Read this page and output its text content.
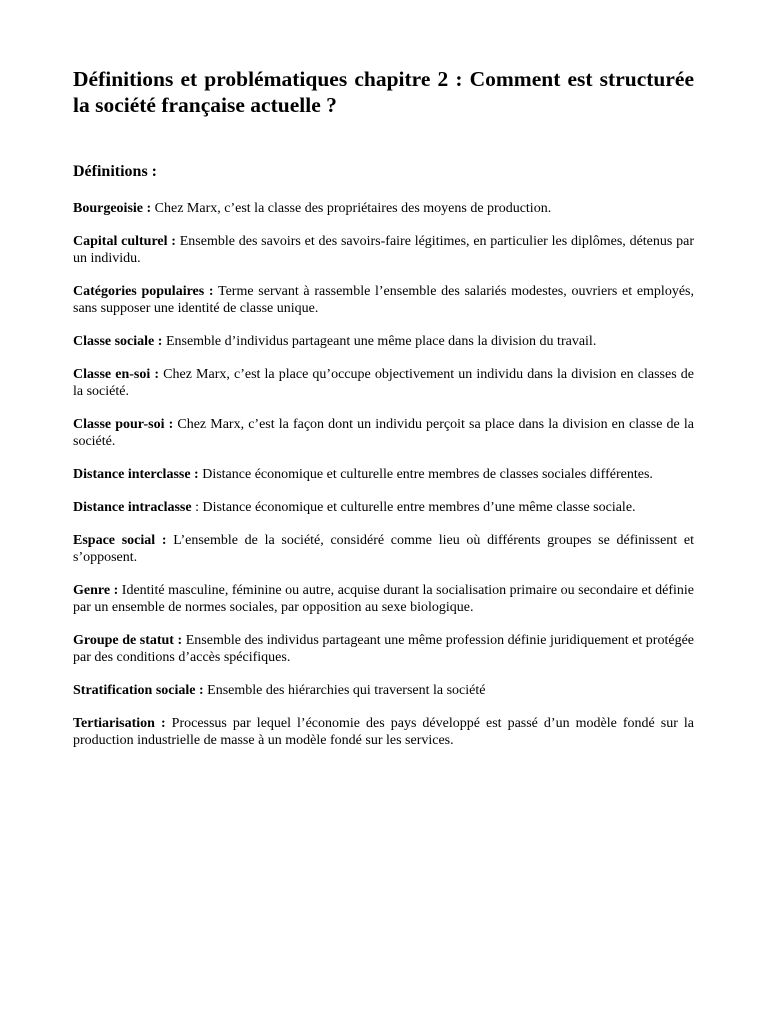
Définitions et problématiques chapitre 2 : Comment est structurée la société française actuelle ?
Définitions :

Bourgeoisie : Chez Marx, c’est la classe des propriétaires des moyens de production.

Capital culturel : Ensemble des savoirs et des savoirs-faire légitimes, en particulier les diplômes, détenus par un individu.

Catégories populaires : Terme servant à rassemble l’ensemble des salariés modestes, ouvriers et employés, sans supposer une identité de classe unique.

Classe sociale : Ensemble d’individus partageant une même place dans la division du travail.

Classe en-soi : Chez Marx, c’est la place qu’occupe objectivement un individu dans la division en classes de la société.

Classe pour-soi : Chez Marx, c’est la façon dont un individu perçoit sa place dans la division en classe de la société.

Distance interclasse : Distance économique et culturelle entre membres de classes sociales différentes.

Distance intraclasse : Distance économique et culturelle entre membres d’une même classe sociale.

Espace social : L’ensemble de la société, considéré comme lieu où différents groupes se définissent et s’opposent.

Genre : Identité masculine, féminine ou autre, acquise durant la socialisation primaire ou secondaire et définie par un ensemble de normes sociales, par opposition au sexe biologique.

Groupe de statut : Ensemble des individus partageant une même profession définie juridiquement et protégée par des conditions d’accès spécifiques.

Stratification sociale : Ensemble des hiérarchies qui traversent la société

Tertiarisation : Processus par lequel l’économie des pays développé est passé d’un modèle fondé sur la production industrielle de masse à un modèle fondé sur les services.
